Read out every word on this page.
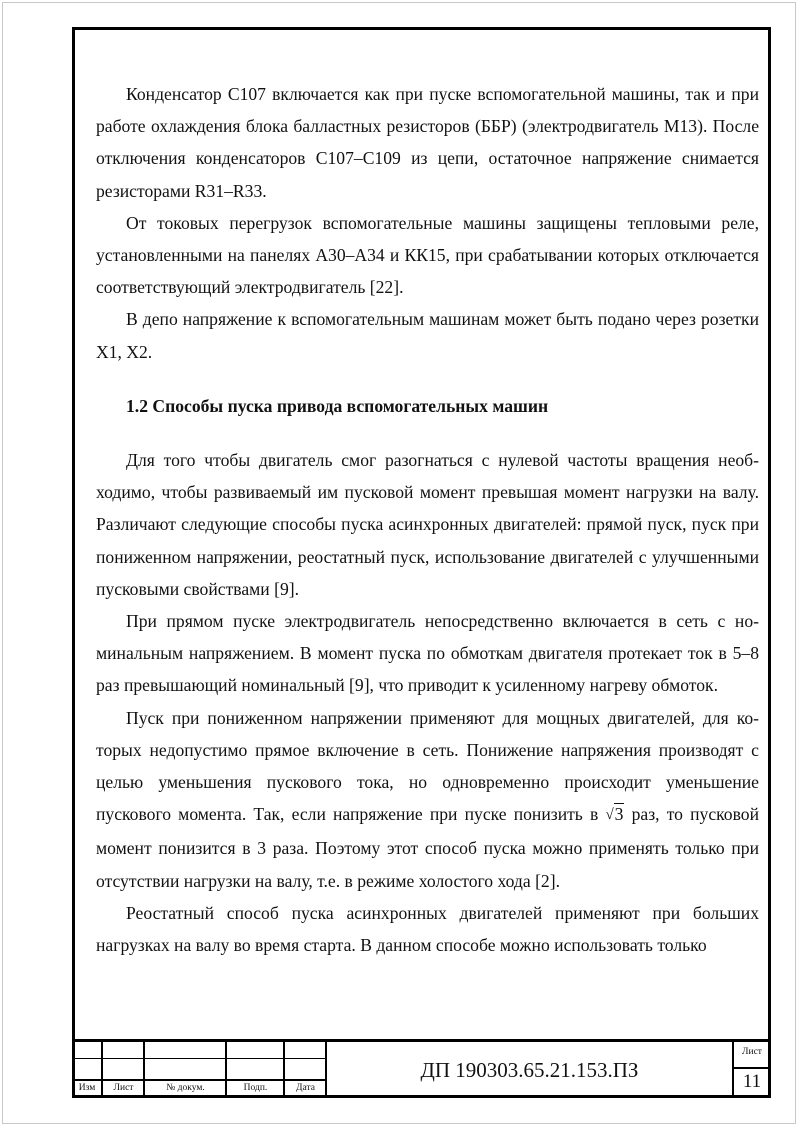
Конденсатор С107 включается как при пуске вспомогательной машины, так и при работе охлаждения блока балластных резисторов (ББР) (электродвигатель М13). После отключения конденсаторов С107–С109 из цепи, остаточное напряжение снимается резисторами R31–R33.

От токовых перегрузок вспомогательные машины защищены тепловыми реле, установленными на панелях А30–А34 и КК15, при срабатывании которых отключается соответствующий электродвигатель [22].

В депо напряжение к вспомогательным машинам может быть подано через розетки Х1, Х2.

1.2 Способы пуска привода вспомогательных машин

Для того чтобы двигатель смог разогнаться с нулевой частоты вращения необходимо, чтобы развиваемый им пусковой момент превышая момент нагрузки на валу. Различают следующие способы пуска асинхронных двигателей: прямой пуск, пуск при пониженном напряжении, реостатный пуск, использование двигателей с улучшенными пусковыми свойствами [9].

При прямом пуске электродвигатель непосредственно включается в сеть с номинальным напряжением. В момент пуска по обмоткам двигателя протекает ток в 5–8 раз превышающий номинальный [9], что приводит к усиленному нагреву обмоток.

Пуск при пониженном напряжении применяют для мощных двигателей, для которых недопустимо прямое включение в сеть. Понижение напряжения производят с целью уменьшения пускового тока, но одновременно происходит уменьшение пускового момента. Так, если напряжение при пуске понизить в √3 раз, то пусковой момент понизится в 3 раза. Поэтому этот способ пуска можно применять только при отсутствии нагрузки на валу, т.е. в режиме холостого хода [2].

Реостатный способ пуска асинхронных двигателей применяют при больших нагрузках на валу во время старта. В данном способе можно использовать только

Изм	Лист	№ докум.	Подп.	Дата
ДП 190303.65.21.153.ПЗ
Лист
11
